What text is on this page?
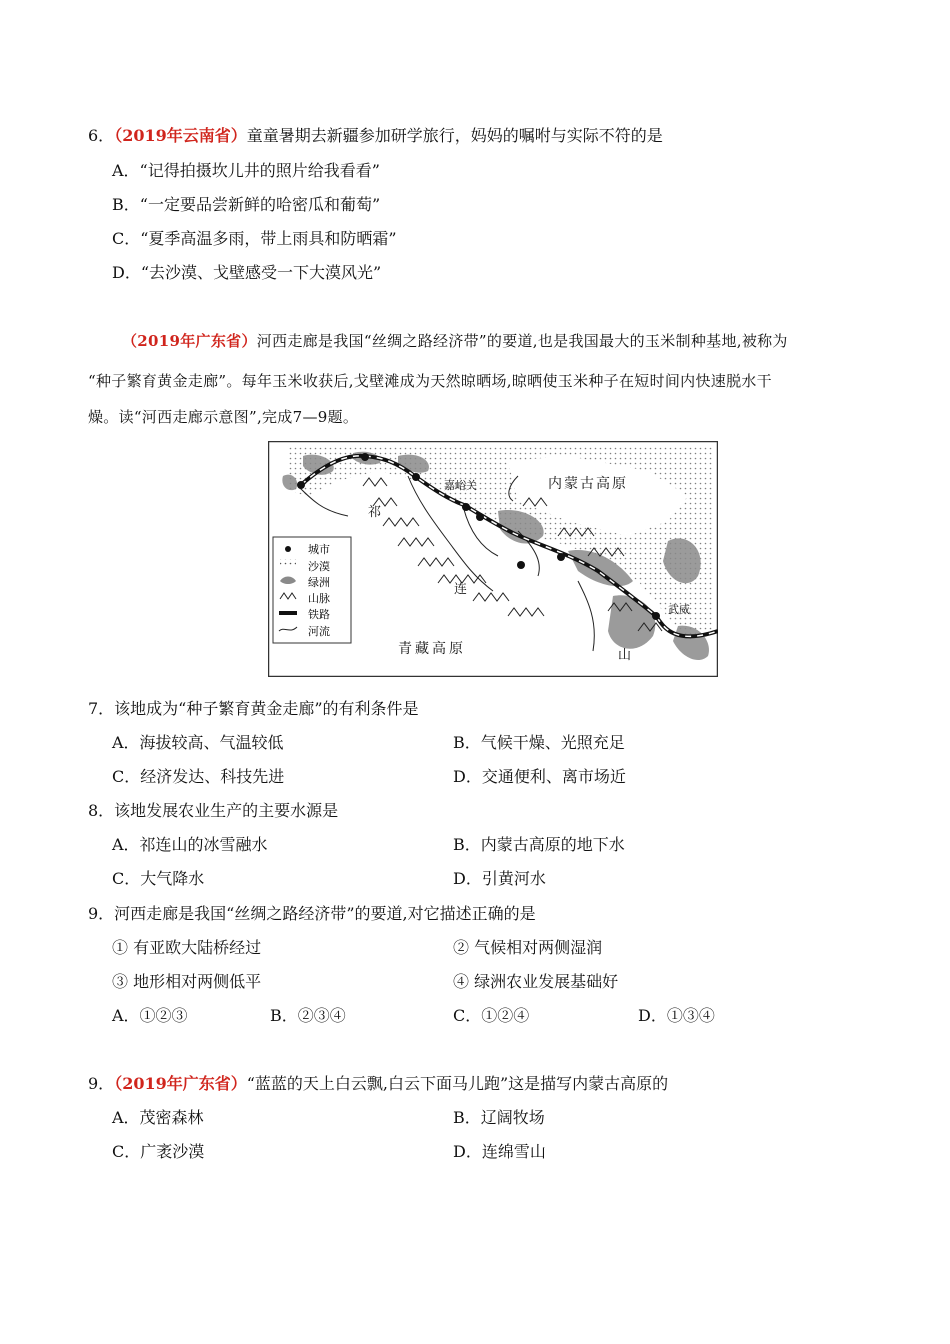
6．（2019年云南省）童童暑期去新疆参加研学旅行，妈妈的嘱咐与实际不符的是
A．“记得拍摄坎儿井的照片给我看看”
B．“一定要品尝新鲜的哈密瓜和葡萄”
C．“夏季高温多雨，带上雨具和防晒霜”
D．“去沙漠、戈壁感受一下大漠风光”
（2019年广东省）河西走廊是我国“丝绸之路经济带”的要道,也是我国最大的玉米制种基地,被称为
“种子繁育黄金走廊”。每年玉米收获后,戈壁滩成为天然晾晒场,晾晒使玉米种子在短时间内快速脱水干
燥。读“河西走廊示意图”,完成7—9题。
城市
沙漠
绿洲
山脉
铁路
河流
内蒙古高原
青藏高原
嘉峪关
武威
祁
连
山
7．该地成为“种子繁育黄金走廊”的有利条件是
A．海拔较高、气温较低	B．气候干燥、光照充足
C．经济发达、科技先进	D．交通便利、离市场近
8．该地发展农业生产的主要水源是
A．祁连山的冰雪融水	B．内蒙古高原的地下水
C．大气降水	D．引黄河水
9．河西走廊是我国“丝绸之路经济带”的要道,对它描述正确的是
① 有亚欧大陆桥经过	② 气候相对两侧湿润
③ 地形相对两侧低平	④ 绿洲农业发展基础好
A．①②③	B．②③④	C．①②④	D．①③④
9．（2019年广东省）“蓝蓝的天上白云飘,白云下面马儿跑”这是描写内蒙古高原的
A．茂密森林	B．辽阔牧场
C．广袤沙漠	D．连绵雪山
